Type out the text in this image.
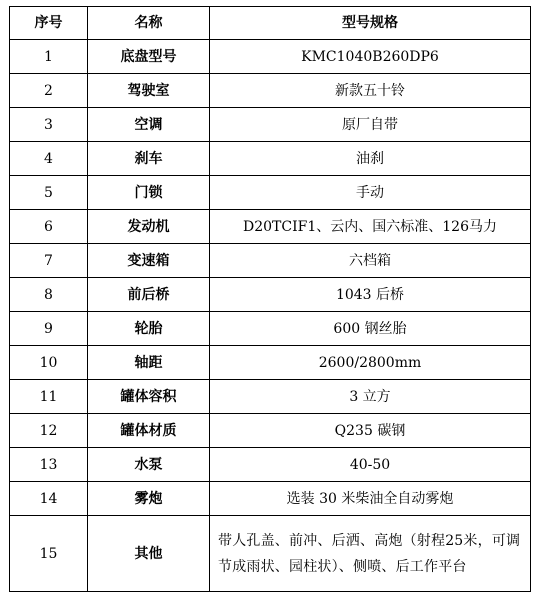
序号	名称	型号规格
1	底盘型号	KMC1040B260DP6
2	驾驶室	新款五十铃
3	空调	原厂自带
4	刹车	油刹
5	门锁	手动
6	发动机	D20TCIF1、云内、国六标准、126马力
7	变速箱	六档箱
8	前后桥	1043 后桥
9	轮胎	600 钢丝胎
10	轴距	2600/2800mm
11	罐体容积	3 立方
12	罐体材质	Q235 碳钢
13	水泵	40-50
14	雾炮	选装 30 米柴油全自动雾炮
15	其他	带人孔盖、前冲、后洒、高炮（射程25米，可调节成雨状、园柱状）、侧喷、后工作平台
